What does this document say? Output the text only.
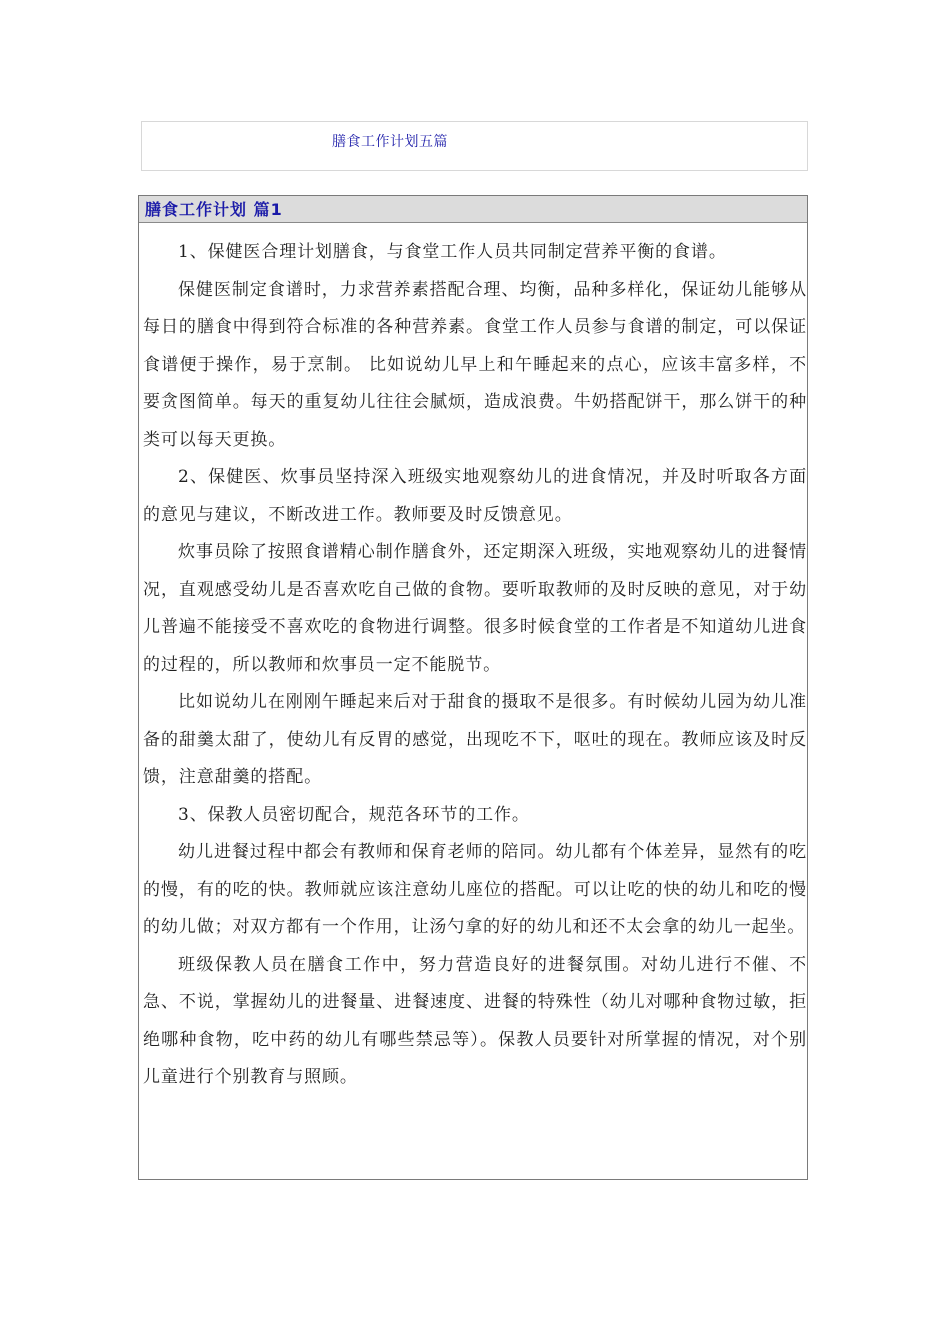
膳食工作计划五篇
膳食工作计划 篇1

1、保健医合理计划膳食，与食堂工作人员共同制定营养平衡的食谱。

保健医制定食谱时，力求营养素搭配合理、均衡，品种多样化，保证幼儿能够从每日的膳食中得到符合标准的各种营养素。食堂工作人员参与食谱的制定，可以保证食谱便于操作，易于烹制。 比如说幼儿早上和午睡起来的点心，应该丰富多样，不要贪图简单。每天的重复幼儿往往会腻烦，造成浪费。牛奶搭配饼干，那么饼干的种类可以每天更换。

2、保健医、炊事员坚持深入班级实地观察幼儿的进食情况，并及时听取各方面的意见与建议，不断改进工作。教师要及时反馈意见。

炊事员除了按照食谱精心制作膳食外，还定期深入班级，实地观察幼儿的进餐情况，直观感受幼儿是否喜欢吃自己做的食物。要听取教师的及时反映的意见，对于幼儿普遍不能接受不喜欢吃的食物进行调整。很多时候食堂的工作者是不知道幼儿进食的过程的，所以教师和炊事员一定不能脱节。

比如说幼儿在刚刚午睡起来后对于甜食的摄取不是很多。有时候幼儿园为幼儿准备的甜羹太甜了，使幼儿有反胃的感觉，出现吃不下，呕吐的现在。教师应该及时反馈，注意甜羹的搭配。

3、保教人员密切配合，规范各环节的工作。

幼儿进餐过程中都会有教师和保育老师的陪同。幼儿都有个体差异，显然有的吃的慢，有的吃的快。教师就应该注意幼儿座位的搭配。可以让吃的快的幼儿和吃的慢的幼儿做；对双方都有一个作用，让汤勺拿的好的幼儿和还不太会拿的幼儿一起坐。

班级保教人员在膳食工作中，努力营造良好的进餐氛围。对幼儿进行不催、不急、不说，掌握幼儿的进餐量、进餐速度、进餐的特殊性（幼儿对哪种食物过敏，拒绝哪种食物，吃中药的幼儿有哪些禁忌等）。保教人员要针对所掌握的情况，对个别儿童进行个别教育与照顾。
